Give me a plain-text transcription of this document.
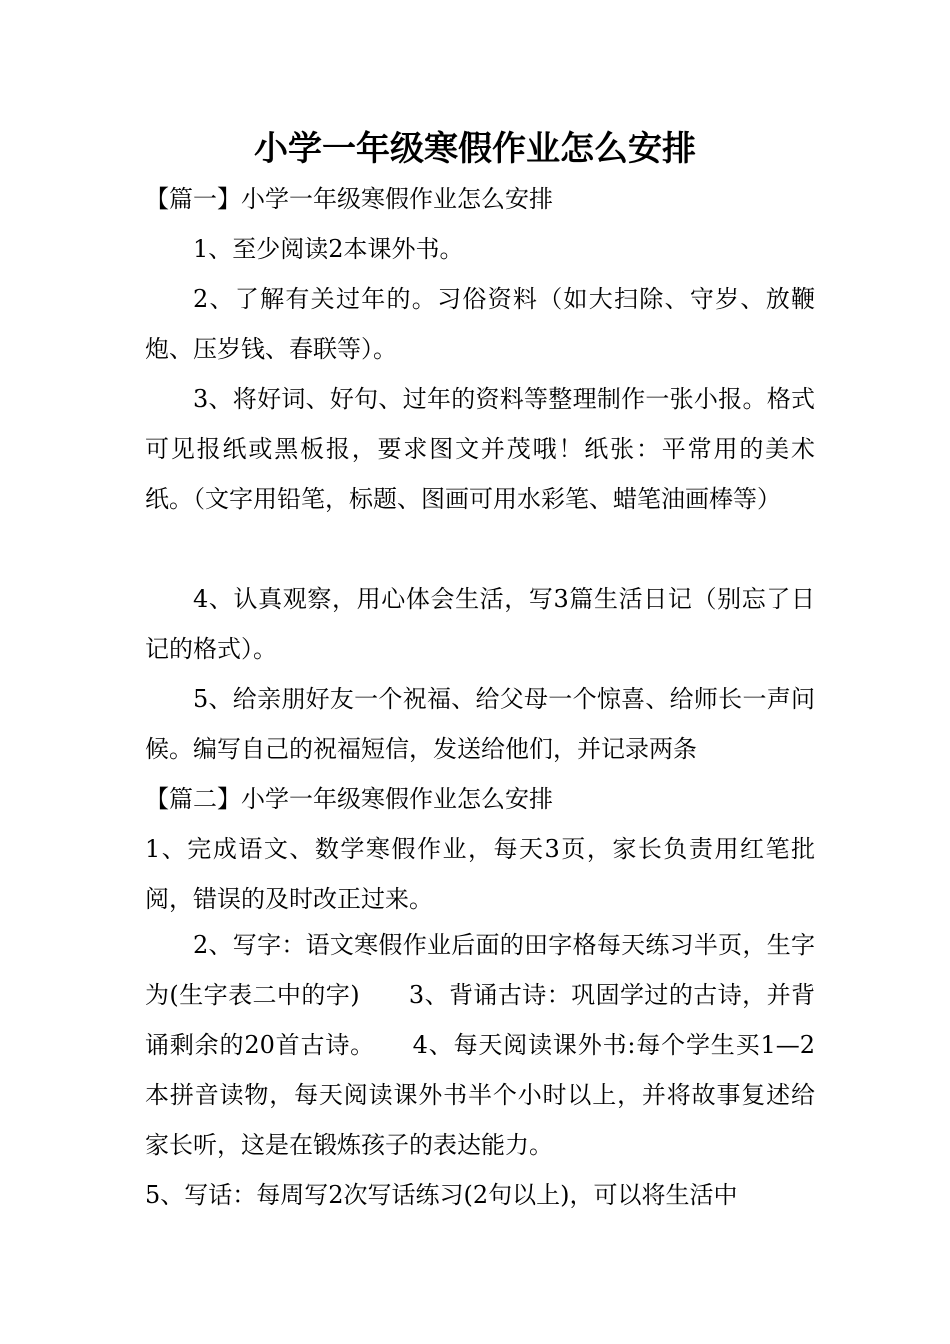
小学一年级寒假作业怎么安排

【篇一】小学一年级寒假作业怎么安排

1、至少阅读2本课外书。

2、了解有关过年的。习俗资料（如大扫除、守岁、放鞭炮、压岁钱、春联等）。

3、将好词、好句、过年的资料等整理制作一张小报。格式可见报纸或黑板报，要求图文并茂哦！纸张：平常用的美术纸。（文字用铅笔，标题、图画可用水彩笔、蜡笔油画棒等）

4、认真观察，用心体会生活，写3篇生活日记（别忘了日记的格式）。

5、给亲朋好友一个祝福、给父母一个惊喜、给师长一声问候。编写自己的祝福短信，发送给他们，并记录两条

【篇二】小学一年级寒假作业怎么安排

1、完成语文、数学寒假作业，每天3页，家长负责用红笔批阅，错误的及时改正过来。

2、写字：语文寒假作业后面的田字格每天练习半页，生字为(生字表二中的字)　　3、背诵古诗：巩固学过的古诗，并背诵剩余的20首古诗。　　4、每天阅读课外书:每个学生买1—2本拼音读物，每天阅读课外书半个小时以上，并将故事复述给家长听，这是在锻炼孩子的表达能力。

5、写话：每周写2次写话练习(2句以上)，可以将生活中
